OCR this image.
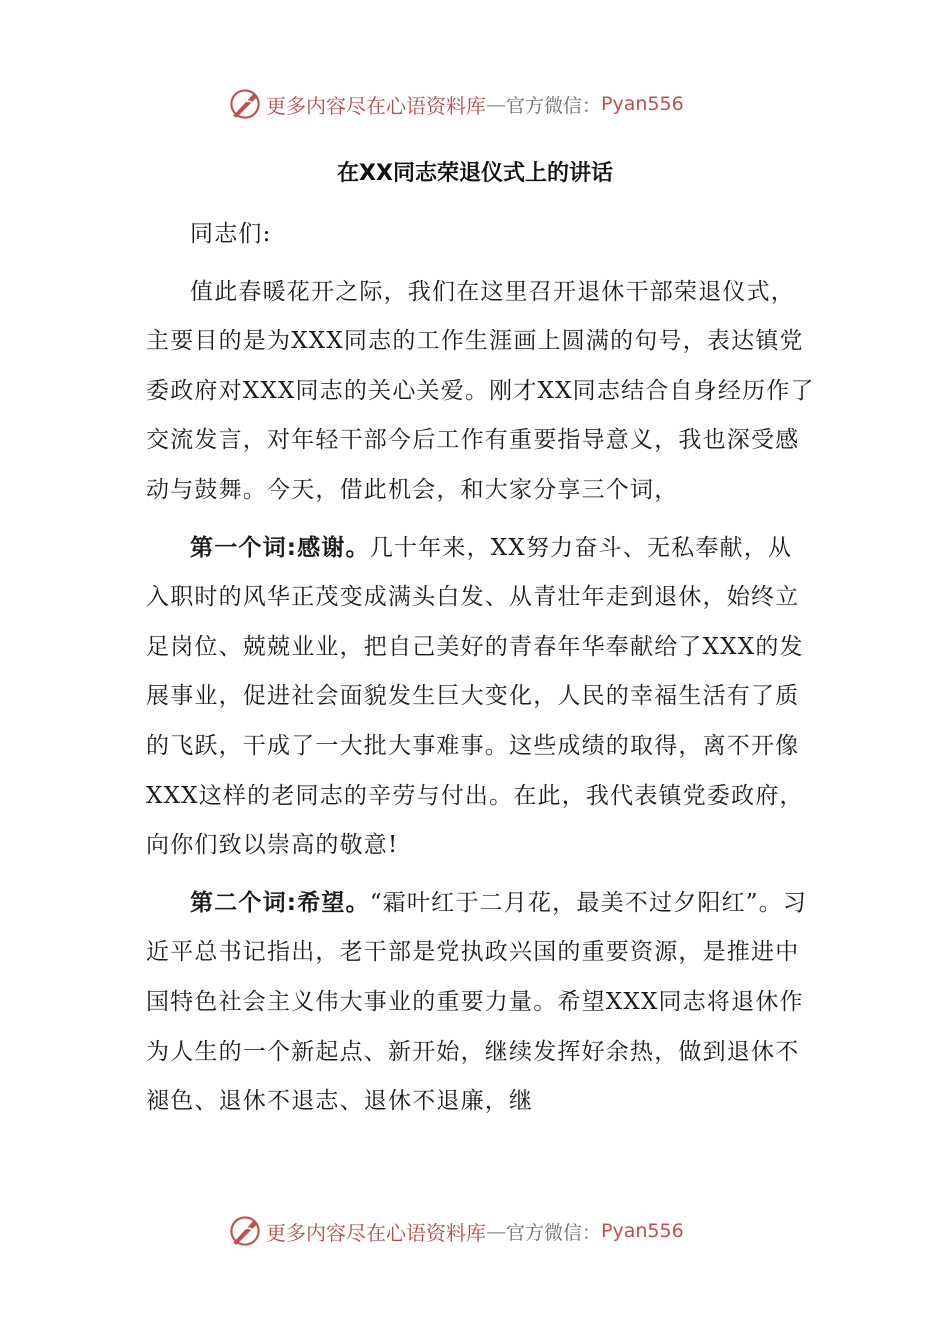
更多内容尽在心语资料库 — 官方微信： Pyan556
在XX同志荣退仪式上的讲话

同志们:

值此春暖花开之际，我们在这里召开退休干部荣退仪式，主要目的是为XXX同志的工作生涯画上圆满的句号，表达镇党委政府对XXX同志的关心关爱。刚才XX同志结合自身经历作了交流发言，对年轻干部今后工作有重要指导意义，我也深受感动与鼓舞。今天，借此机会，和大家分享三个词，

第一个词:感谢。几十年来，XX努力奋斗、无私奉献，从入职时的风华正茂变成满头白发、从青壮年走到退休，始终立足岗位、兢兢业业，把自己美好的青春年华奉献给了XXX的发展事业，促进社会面貌发生巨大变化，人民的幸福生活有了质的飞跃，干成了一大批大事难事。这些成绩的取得，离不开像XXX这样的老同志的辛劳与付出。在此，我代表镇党委政府，向你们致以崇高的敬意!

第二个词:希望。“霜叶红于二月花，最美不过夕阳红”。习近平总书记指出，老干部是党执政兴国的重要资源，是推进中国特色社会主义伟大事业的重要力量。希望XXX同志将退休作为人生的一个新起点、新开始，继续发挥好余热，做到退休不褪色、退休不退志、退休不退廉，继

更多内容尽在心语资料库 — 官方微信： Pyan556
